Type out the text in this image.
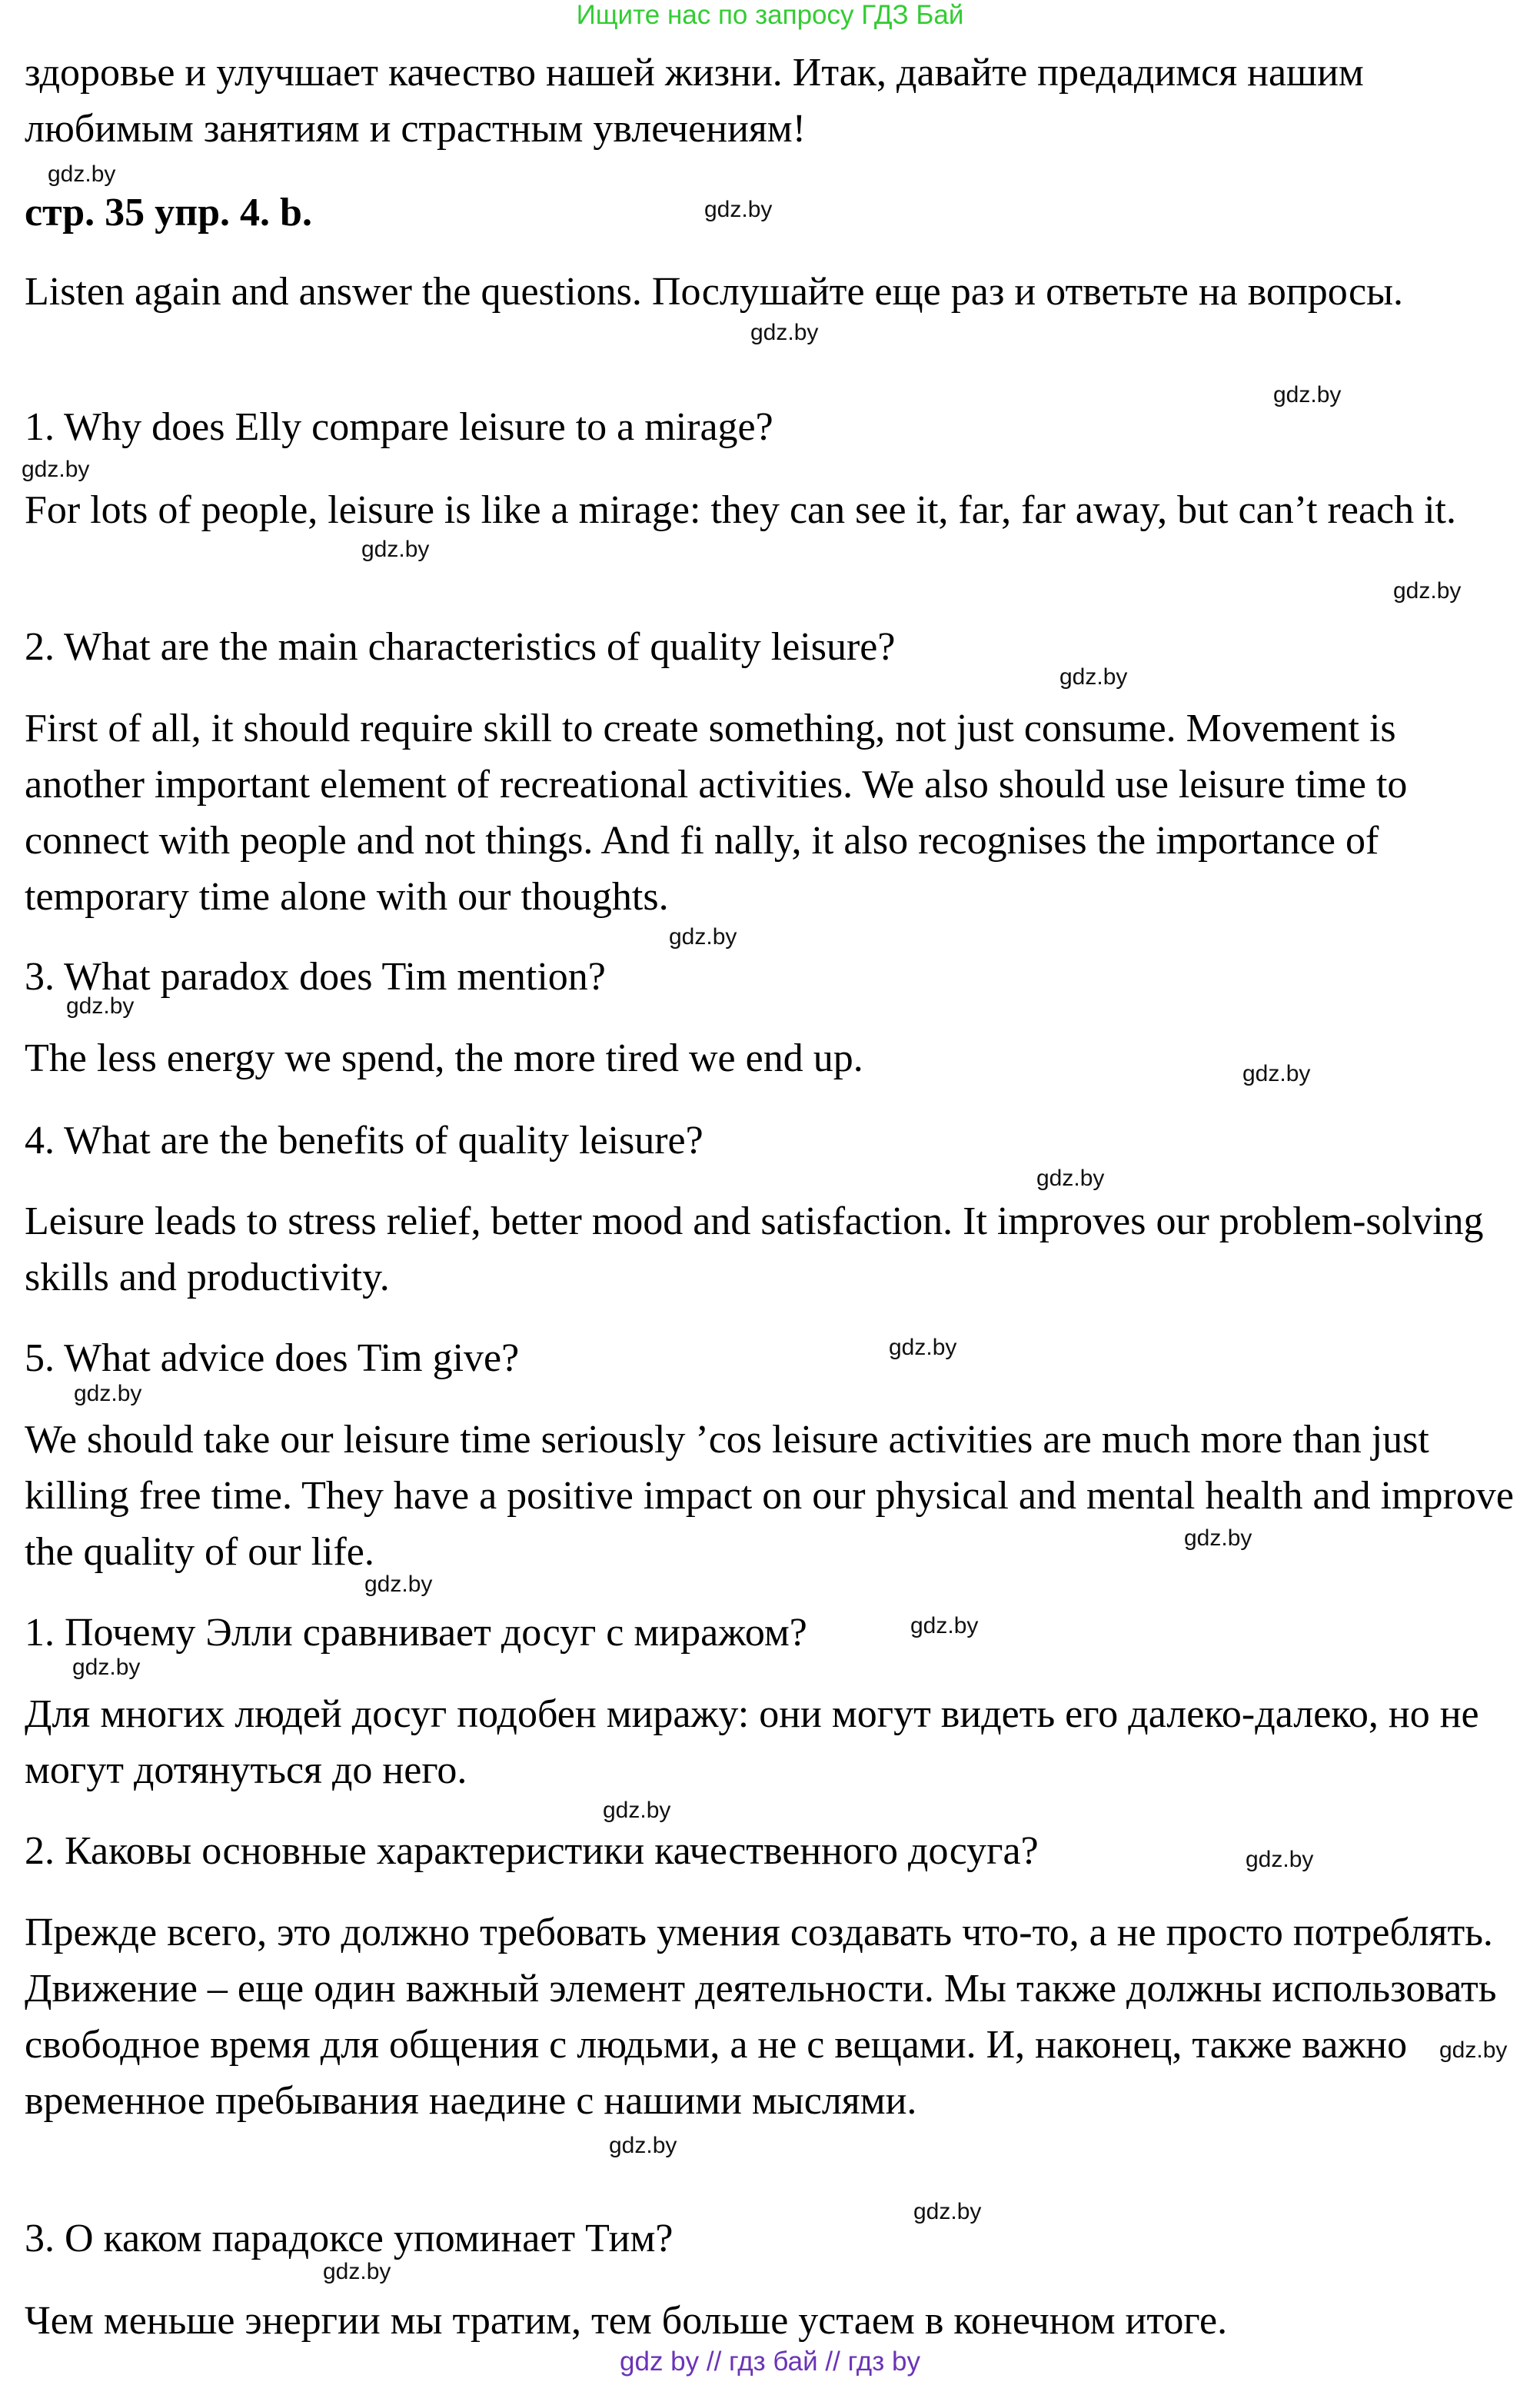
Ищите нас по запросу ГДЗ Бай

здоровье и улучшает качество нашей жизни. Итак, давайте предадимся нашим любимым занятиям и страстным увлечениям!

стр. 35 упр. 4. b.

Listen again and answer the questions. Послушайте еще раз и ответьте на вопросы.

1. Why does Elly compare leisure to a mirage?

For lots of people, leisure is like a mirage: they can see it, far, far away, but can’t reach it.

2. What are the main characteristics of quality leisure?

First of all, it should require skill to create something, not just consume. Movement is another important element of recreational activities. We also should use leisure time to connect with people and not things. And fi nally, it also recognises the importance of temporary time alone with our thoughts.

3. What paradox does Tim mention?

The less energy we spend, the more tired we end up.

4. What are the benefits of quality leisure?

Leisure leads to stress relief, better mood and satisfaction. It improves our problem-solving skills and productivity.

5. What advice does Tim give?

We should take our leisure time seriously ’cos leisure activities are much more than just killing free time. They have a positive impact on our physical and mental health and improve the quality of our life.

1. Почему Элли сравнивает досуг с миражом?

Для многих людей досуг подобен миражу: они могут видеть его далеко-далеко, но не могут дотянуться до него.

2. Каковы основные характеристики качественного досуга?

Прежде всего, это должно требовать умения создавать что-то, а не просто потреблять. Движение – еще один важный элемент деятельности. Мы также должны использовать свободное время для общения с людьми, а не с вещами. И, наконец, также важно временное пребывания наедине с нашими мыслями.

3. О каком парадоксе упоминает Тим?

Чем меньше энергии мы тратим, тем больше устаем в конечном итоге.

gdz.by
gdz.by
gdz.by
gdz.by
gdz.by
gdz.by
gdz.by
gdz.by
gdz.by
gdz.by
gdz.by
gdz.by
gdz.by
gdz.by
gdz.by
gdz.by
gdz.by
gdz.by
gdz.by
gdz.by
gdz.by
gdz.by
gdz.by
gdz.by
gdz by // гдз бай // гдз by
